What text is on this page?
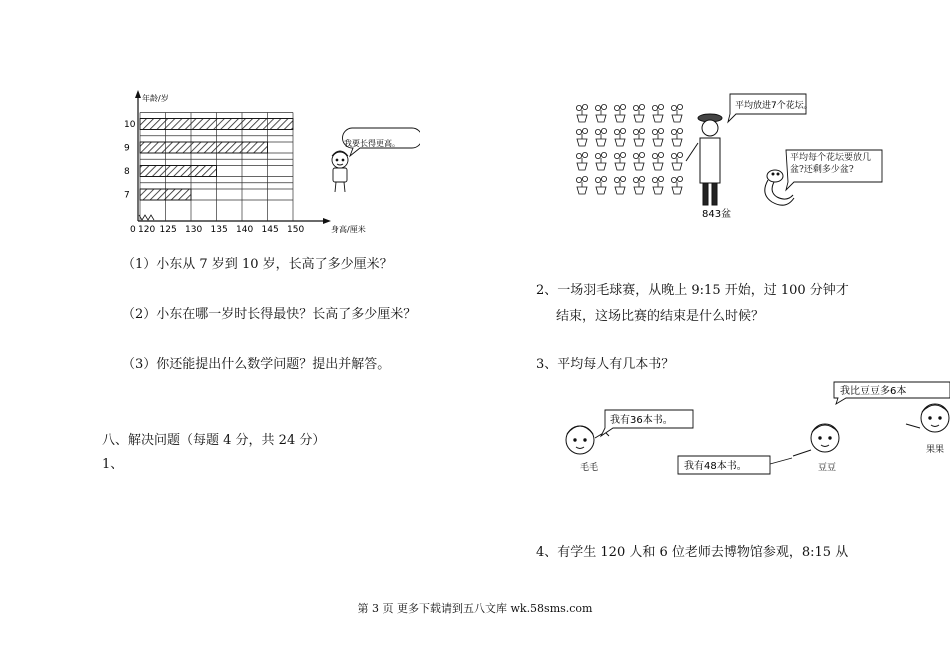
年龄/岁
身高/厘米
我要长得更高。
7
8
9
10
0 120 125 130 135 140 145 150
（1）小东从 7 岁到 10 岁，长高了多少厘米？
（2）小东在哪一岁时长得最快？长高了多少厘米？
（3）你还能提出什么数学问题？提出并解答。
八、解决问题（每题 4 分，共 24 分）
1、
平均放进7个花坛。
平均每个花坛要放几盆?还剩多少盆?
843盆
2、一场羽毛球赛，从晚上 9:15 开始，过 100 分钟才
结束，这场比赛的结束是什么时候？
3、平均每人有几本书？
我有36本书。
毛毛	我有48本书。	豆豆
我比豆豆多6本
果果
4、有学生 120 人和 6 位老师去博物馆参观，8:15 从
第 3 页 更多下载请到五八文库 wk.58sms.com
